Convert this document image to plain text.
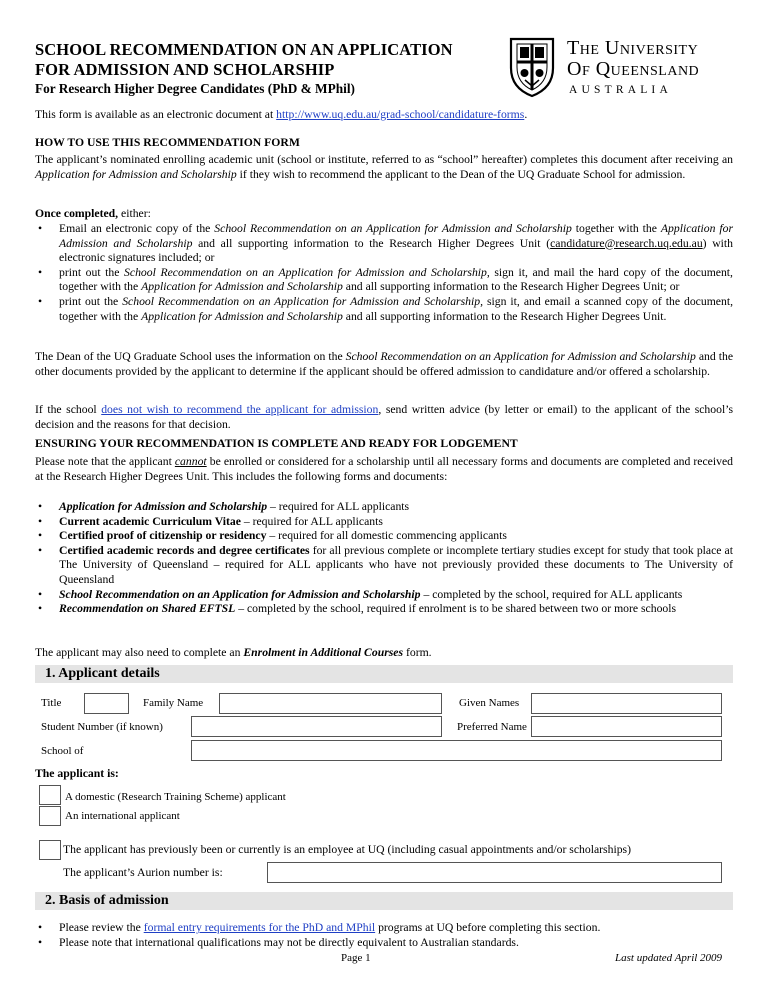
SCHOOL RECOMMENDATION ON AN APPLICATION
FOR ADMISSION AND SCHOLARSHIP
For Research Higher Degree Candidates (PhD & MPhil)
The University
Of Queensland
AUSTRALIA
This form is available as an electronic document at http://www.uq.edu.au/grad-school/candidature-forms.
HOW TO USE THIS RECOMMENDATION FORM
The applicant’s nominated enrolling academic unit (school or institute, referred to as “school” hereafter) completes this document after receiving an Application for Admission and Scholarship if they wish to recommend the applicant to the Dean of the UQ Graduate School for admission.
Once completed, either:
• Email an electronic copy of the School Recommendation on an Application for Admission and Scholarship together with the Application for Admission and Scholarship and all supporting information to the Research Higher Degrees Unit (candidature@research.uq.edu.au) with electronic signatures included; or
• print out the School Recommendation on an Application for Admission and Scholarship, sign it, and mail the hard copy of the document, together with the Application for Admission and Scholarship and all supporting information to the Research Higher Degrees Unit; or
• print out the School Recommendation on an Application for Admission and Scholarship, sign it, and email a scanned copy of the document, together with the Application for Admission and Scholarship and all supporting information to the Research Higher Degrees Unit.
The Dean of the UQ Graduate School uses the information on the School Recommendation on an Application for Admission and Scholarship and the other documents provided by the applicant to determine if the applicant should be offered admission to candidature and/or offered a scholarship.
If the school does not wish to recommend the applicant for admission, send written advice (by letter or email) to the applicant of the school’s decision and the reasons for that decision.
ENSURING YOUR RECOMMENDATION IS COMPLETE AND READY FOR LODGEMENT
Please note that the applicant cannot be enrolled or considered for a scholarship until all necessary forms and documents are completed and received at the Research Higher Degrees Unit. This includes the following forms and documents:
• Application for Admission and Scholarship – required for ALL applicants
• Current academic Curriculum Vitae – required for ALL applicants
• Certified proof of citizenship or residency – required for all domestic commencing applicants
• Certified academic records and degree certificates for all previous complete or incomplete tertiary studies except for study that took place at The University of Queensland – required for ALL applicants who have not previously provided these documents to The University of Queensland
• School Recommendation on an Application for Admission and Scholarship – completed by the school, required for ALL applicants
• Recommendation on Shared EFTSL – completed by the school, required if enrolment is to be shared between two or more schools
The applicant may also need to complete an Enrolment in Additional Courses form.
1. Applicant details
Title	Family Name	Given Names
Student Number (if known)	Preferred Name
School of
The applicant is:
A domestic (Research Training Scheme) applicant
An international applicant
The applicant has previously been or currently is an employee at UQ (including casual appointments and/or scholarships)
The applicant’s Aurion number is:
2. Basis of admission
• Please review the formal entry requirements for the PhD and MPhil programs at UQ before completing this section.
• Please note that international qualifications may not be directly equivalent to Australian standards.
Page 1	Last updated April 2009
